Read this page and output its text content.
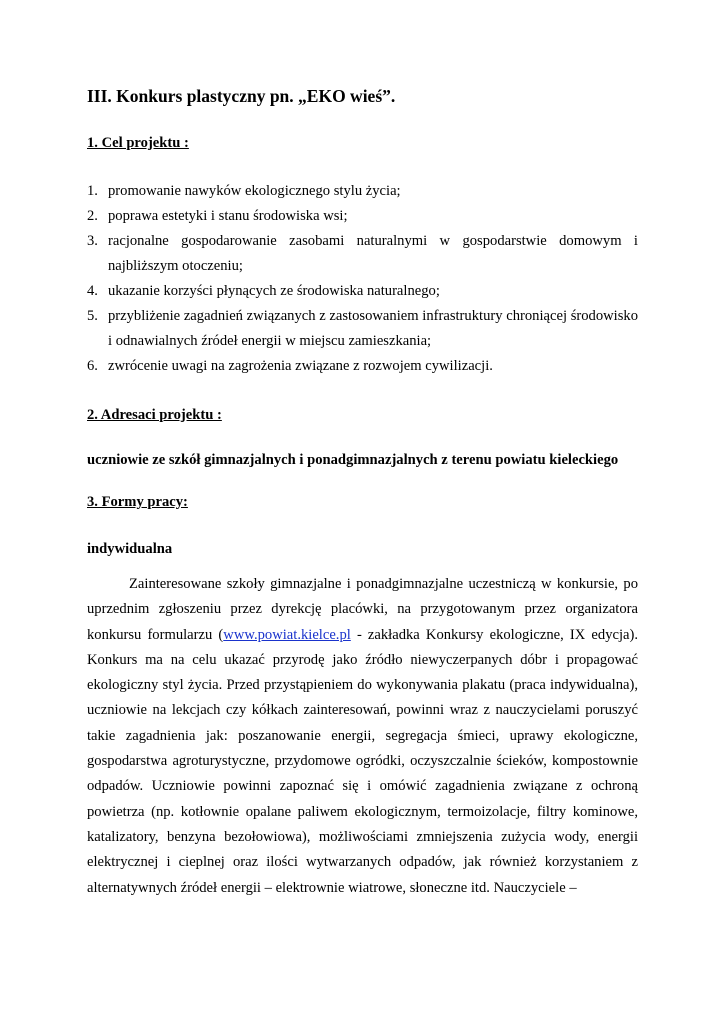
III. Konkurs plastyczny pn. „EKO wieś”.

1. Cel projektu :

1. promowanie nawyków ekologicznego stylu życia;
2. poprawa estetyki i stanu środowiska wsi;
3. racjonalne gospodarowanie zasobami naturalnymi w gospodarstwie domowym i najbliższym otoczeniu;
4. ukazanie korzyści płynących ze środowiska naturalnego;
5. przybliżenie zagadnień związanych z zastosowaniem infrastruktury chroniącej środowisko i odnawialnych źródeł energii w miejscu zamieszkania;
6. zwrócenie uwagi na zagrożenia związane z rozwojem cywilizacji.

2. Adresaci projektu :

uczniowie ze szkół gimnazjalnych i ponadgimnazjalnych z terenu powiatu kieleckiego

3. Formy pracy:

indywidualna

Zainteresowane szkoły gimnazjalne i ponadgimnazjalne uczestniczą w konkursie, po uprzednim zgłoszeniu przez dyrekcję placówki, na przygotowanym przez organizatora konkursu formularzu (www.powiat.kielce.pl - zakładka Konkursy ekologiczne, IX edycja). Konkurs ma na celu ukazać przyrodę jako źródło niewyczerpanych dóbr i propagować ekologiczny styl życia. Przed przystąpieniem do wykonywania plakatu (praca indywidualna), uczniowie na lekcjach czy kółkach zainteresowań, powinni wraz z nauczycielami poruszyć takie zagadnienia jak: poszanowanie energii, segregacja śmieci, uprawy ekologiczne, gospodarstwa agroturystyczne, przydomowe ogródki, oczyszczalnie ścieków, kompostownie odpadów. Uczniowie powinni zapoznać się i omówić zagadnienia związane z ochroną powietrza (np. kotłownie opalane paliwem ekologicznym, termoizolacje, filtry kominowe, katalizatory, benzyna bezołowiowa), możliwościami zmniejszenia zużycia wody, energii elektrycznej i cieplnej oraz ilości wytwarzanych odpadów, jak również korzystaniem z alternatywnych źródeł energii – elektrownie wiatrowe, słoneczne itd. Nauczyciele –
